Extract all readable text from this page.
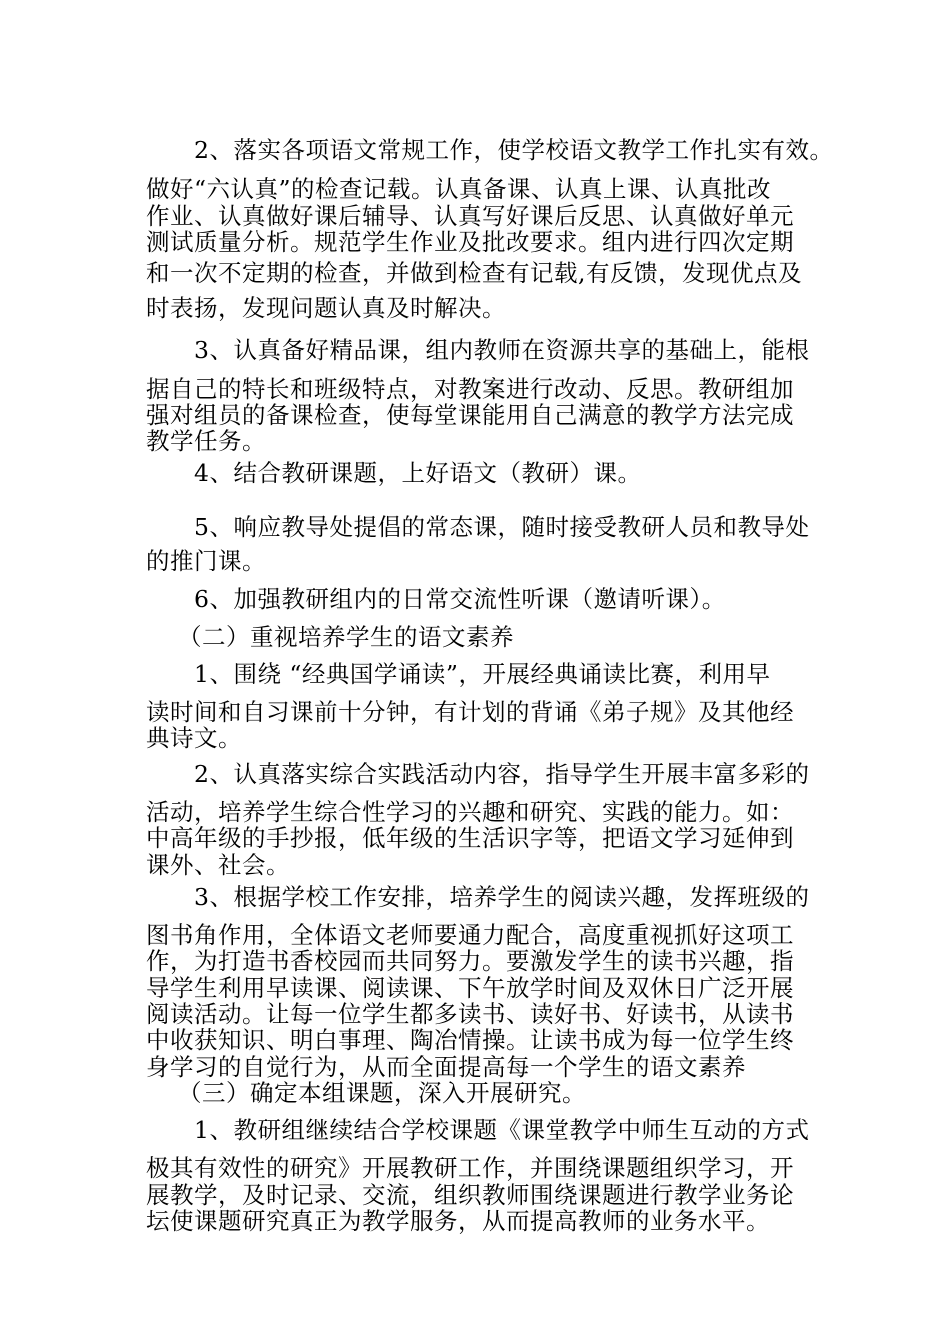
　　2、落实各项语文常规工作，使学校语文教学工作扎实有效。
做好“六认真”的检查记载。认真备课、认真上课、认真批改
作业、认真做好课后辅导、认真写好课后反思、认真做好单元
测试质量分析。规范学生作业及批改要求。组内进行四次定期
和一次不定期的检查，并做到检查有记载,有反馈，发现优点及
时表扬，发现问题认真及时解决。
　　3、认真备好精品课，组内教师在资源共享的基础上，能根
据自己的特长和班级特点，对教案进行改动、反思。教研组加
强对组员的备课检查，使每堂课能用自己满意的教学方法完成
教学任务。
　　4、结合教研课题，上好语文（教研）课。
　　5、响应教导处提倡的常态课，随时接受教研人员和教导处
的推门课。
　　6、加强教研组内的日常交流性听课（邀请听课）。
　 （二）重视培养学生的语文素养
　　1、围绕 “经典国学诵读”，开展经典诵读比赛，利用早
读时间和自习课前十分钟，有计划的背诵《弟子规》及其他经
典诗文。
　　2、认真落实综合实践活动内容，指导学生开展丰富多彩的
活动，培养学生综合性学习的兴趣和研究、实践的能力。如：
中高年级的手抄报，低年级的生活识字等，把语文学习延伸到
课外、社会。
　　3、根据学校工作安排，培养学生的阅读兴趣，发挥班级的
图书角作用，全体语文老师要通力配合，高度重视抓好这项工
作，为打造书香校园而共同努力。要激发学生的读书兴趣，指
导学生利用早读课、阅读课、下午放学时间及双休日广泛开展
阅读活动。让每一位学生都多读书、读好书、好读书，从读书
中收获知识、明白事理、陶冶情操。让读书成为每一位学生终
身学习的自觉行为，从而全面提高每一个学生的语文素养
　 （三）确定本组课题，深入开展研究。
　　1、教研组继续结合学校课题《课堂教学中师生互动的方式
极其有效性的研究》开展教研工作，并围绕课题组织学习，开
展教学，及时记录、交流，组织教师围绕课题进行教学业务论
坛使课题研究真正为教学服务，从而提高教师的业务水平。
